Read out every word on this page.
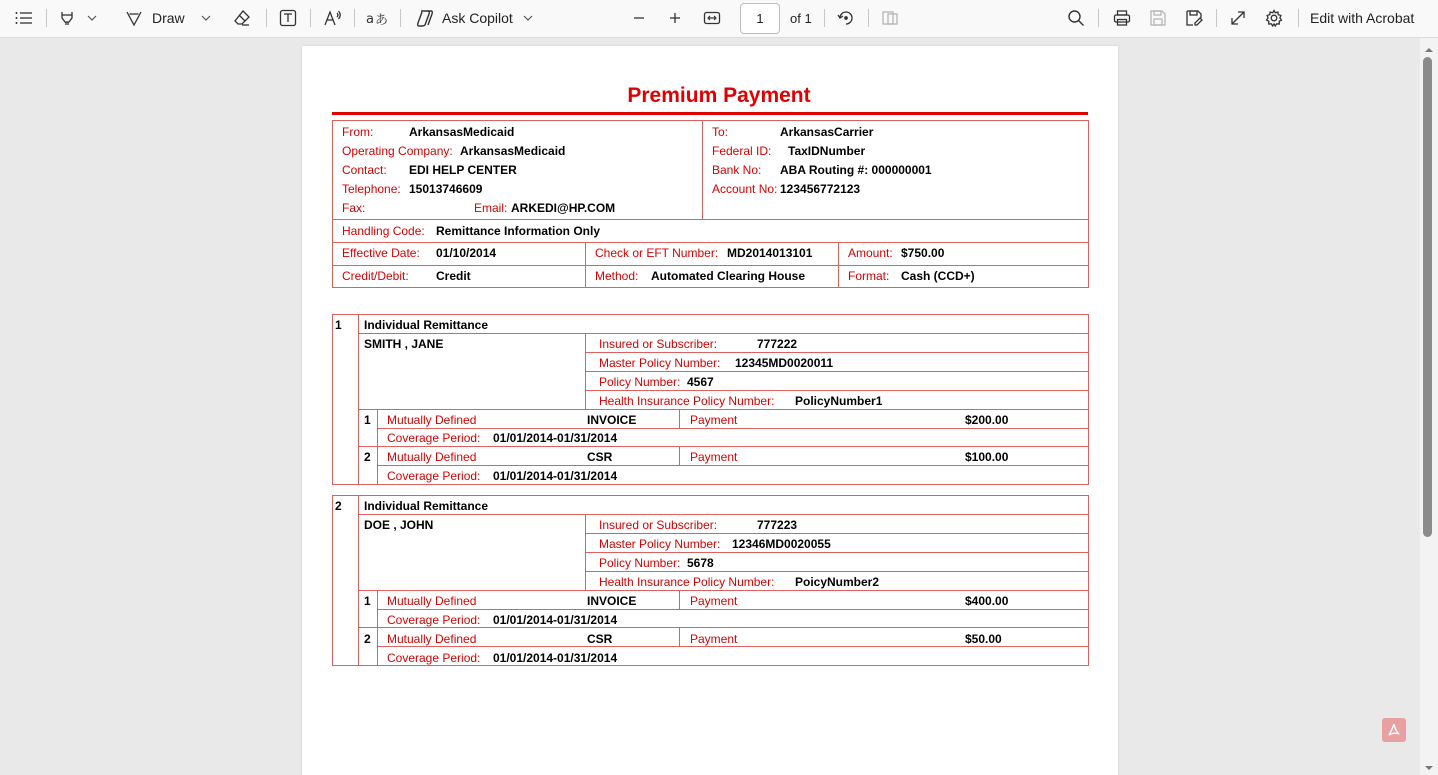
Draw	a あ	Ask Copilot	1	of 1	Edit with Acrobat
Premium Payment
From:	ArkansasMedicaid
Operating Company: ArkansasMedicaid
Contact: EDI HELP CENTER
Telephone: 15013746609
Fax:	Email: ARKEDI@HP.COM
To:	ArkansasCarrier
Federal ID: TaxIDNumber
Bank No: ABA Routing #: 000000001
Account No: 123456772123
Handling Code: Remittance Information Only
Effective Date: 01/10/2014	Check or EFT Number: MD2014013101	Amount: $750.00
Credit/Debit: Credit	Method: Automated Clearing House	Format: Cash (CCD+)
1 Individual Remittance
SMITH , JANE	Insured or Subscriber:	777222
Master Policy Number: 12345MD0020011
Policy Number: 4567
Health Insurance Policy Number: PolicyNumber1
1 Mutually Defined	INVOICE	Payment	$200.00
Coverage Period: 01/01/2014-01/31/2014
2 Mutually Defined	CSR	Payment	$100.00
Coverage Period: 01/01/2014-01/31/2014
2 Individual Remittance
DOE , JOHN	Insured or Subscriber:	777223
Master Policy Number: 12346MD0020055
Policy Number: 5678
Health Insurance Policy Number: PoicyNumber2
1 Mutually Defined	INVOICE	Payment	$400.00
Coverage Period: 01/01/2014-01/31/2014
2 Mutually Defined	CSR	Payment	$50.00
Coverage Period: 01/01/2014-01/31/2014
